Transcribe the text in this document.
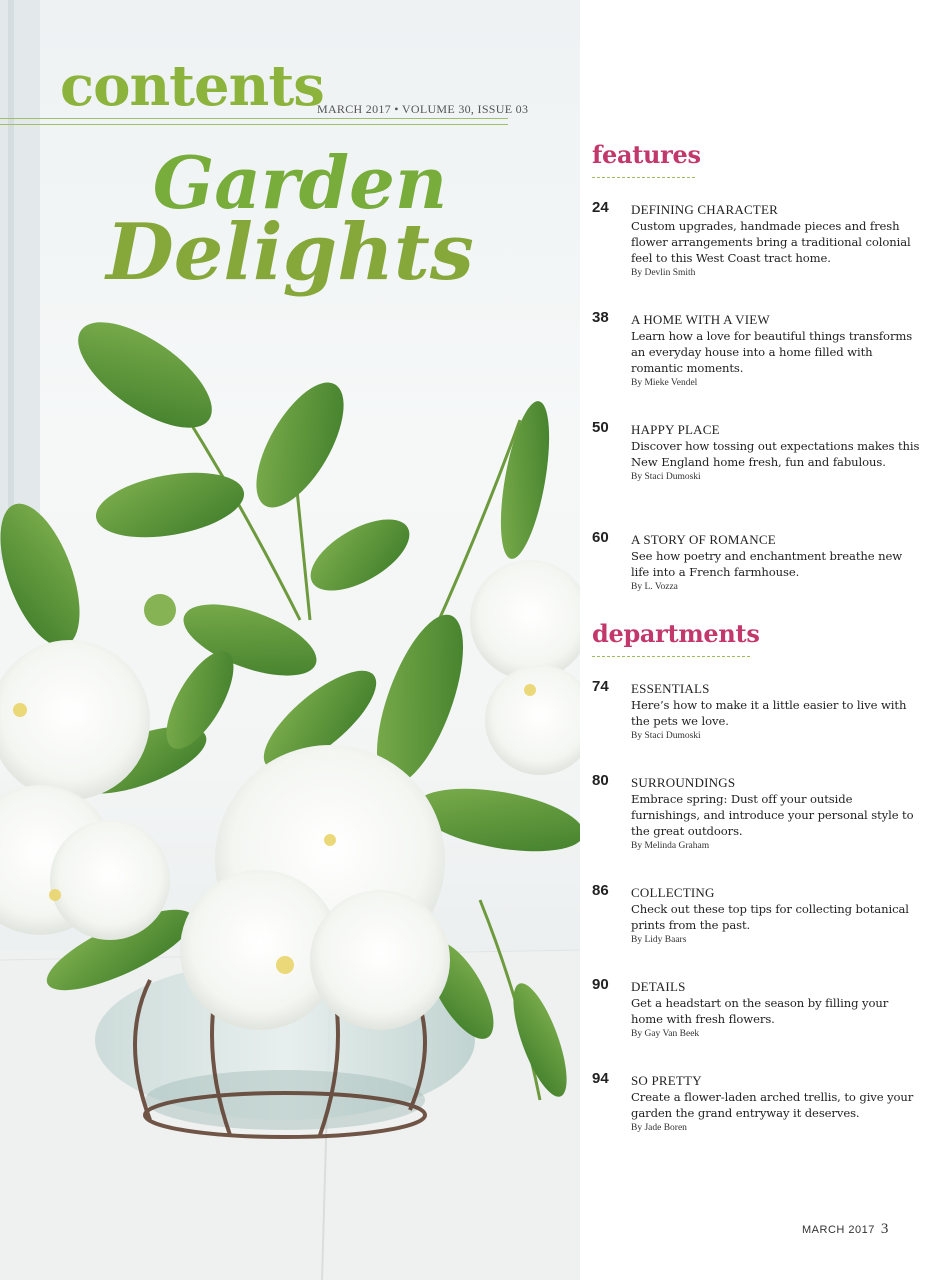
contents
MARCH 2017 • VOLUME 30, ISSUE 03
Garden
Delights
features
24 DEFINING CHARACTER
Custom upgrades, handmade pieces and fresh flower arrangements bring a traditional colonial feel to this West Coast tract home.
By Devlin Smith
38 A HOME WITH A VIEW
Learn how a love for beautiful things transforms an everyday house into a home filled with romantic moments.
By Mieke Vendel
50 HAPPY PLACE
Discover how tossing out expectations makes this New England home fresh, fun and fabulous.
By Staci Dumoski
60 A STORY OF ROMANCE
See how poetry and enchantment breathe new life into a French farmhouse.
By L. Vozza
departments
74 ESSENTIALS
Here’s how to make it a little easier to live with the pets we love.
By Staci Dumoski
80 SURROUNDINGS
Embrace spring: Dust off your outside furnishings, and introduce your personal style to the great outdoors.
By Melinda Graham
86 COLLECTING
Check out these top tips for collecting botanical prints from the past.
By Lidy Baars
90 DETAILS
Get a headstart on the season by filling your home with fresh flowers.
By Gay Van Beek
94 SO PRETTY
Create a flower-laden arched trellis, to give your garden the grand entryway it deserves.
By Jade Boren
MARCH 2017 3
